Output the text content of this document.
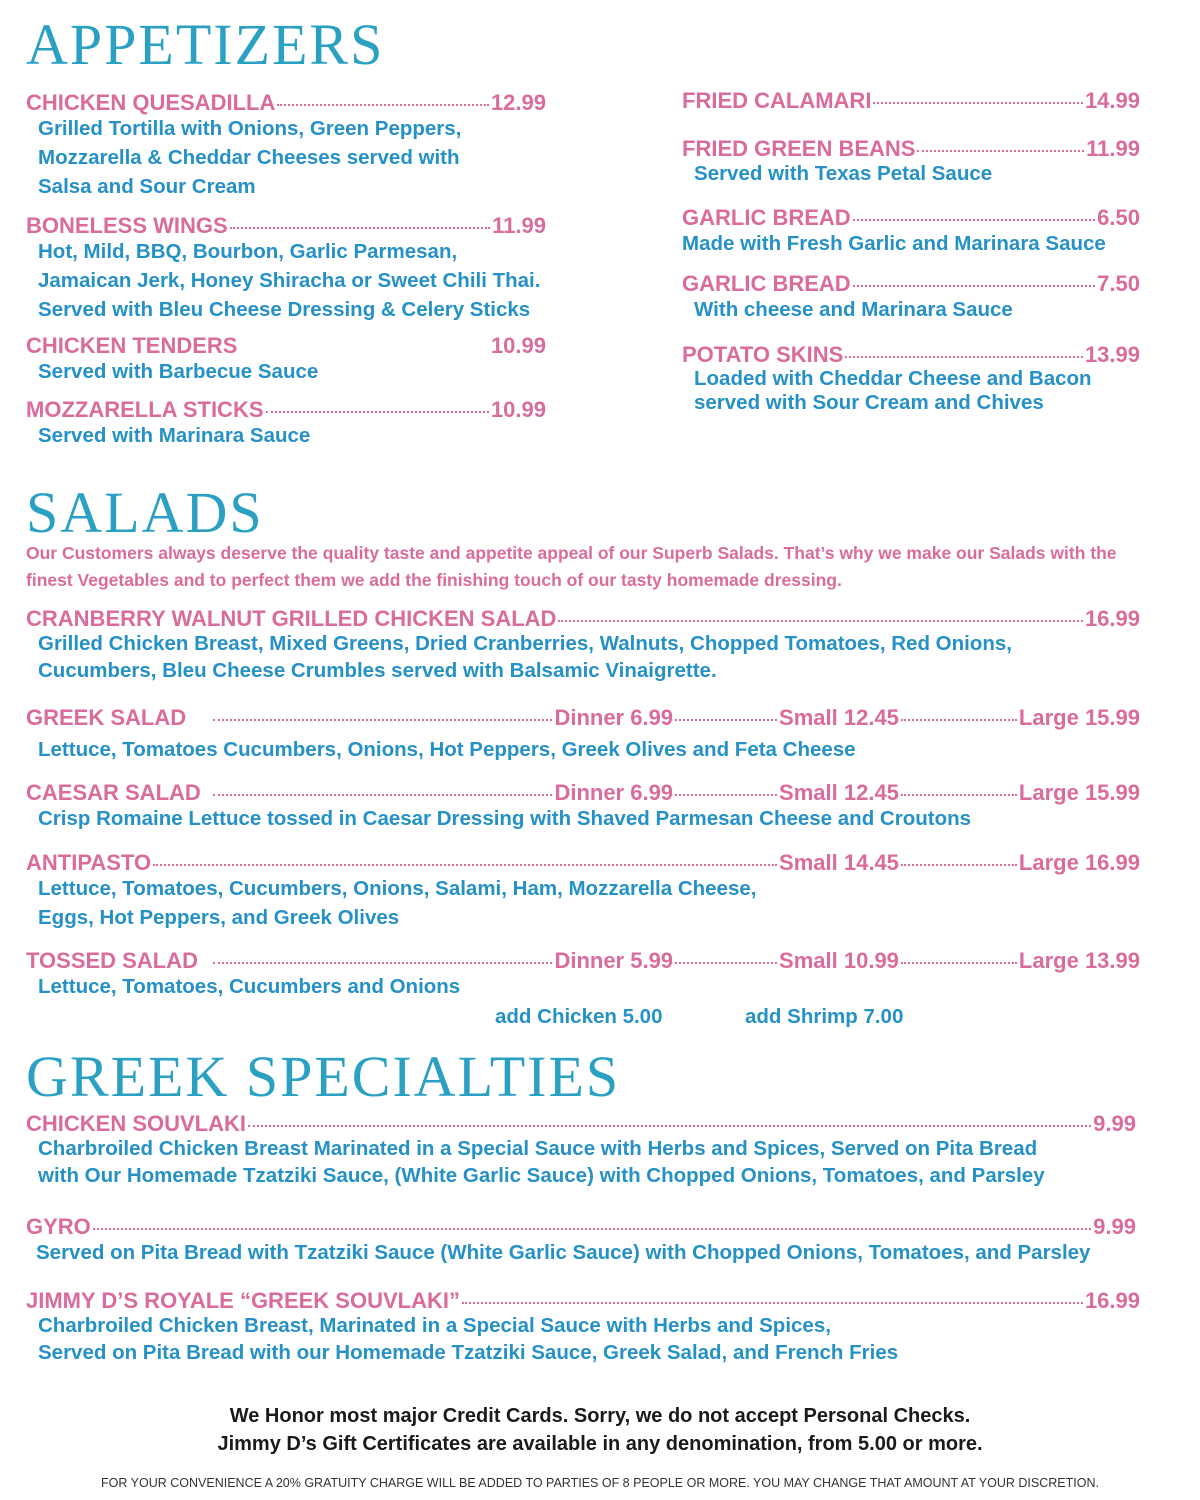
APPETIZERS
CHICKEN QUESADILLA	12.99
Grilled Tortilla with Onions, Green Peppers,
Mozzarella & Cheddar Cheeses served with
Salsa and Sour Cream
BONELESS WINGS	11.99
Hot, Mild, BBQ, Bourbon, Garlic Parmesan,
Jamaican Jerk, Honey Shiracha or Sweet Chili Thai.
Served with Bleu Cheese Dressing & Celery Sticks
CHICKEN TENDERS	10.99
Served with Barbecue Sauce
MOZZARELLA STICKS	10.99
Served with Marinara Sauce
FRIED CALAMARI	14.99
FRIED GREEN BEANS	11.99
Served with Texas Petal Sauce
GARLIC BREAD	6.50
Made with Fresh Garlic and Marinara Sauce
GARLIC BREAD	7.50
With cheese and Marinara Sauce
POTATO SKINS	13.99
Loaded with Cheddar Cheese and Bacon
served with Sour Cream and Chives
SALADS
Our Customers always deserve the quality taste and appetite appeal of our Superb Salads. That’s why we make our Salads with the finest Vegetables and to perfect them we add the finishing touch of our tasty homemade dressing.
CRANBERRY WALNUT GRILLED CHICKEN SALAD	16.99
Grilled Chicken Breast, Mixed Greens, Dried Cranberries, Walnuts, Chopped Tomatoes, Red Onions,
Cucumbers, Bleu Cheese Crumbles served with Balsamic Vinaigrette.
GREEK SALAD	Dinner 6.99	Small 12.45	Large 15.99
Lettuce, Tomatoes Cucumbers, Onions, Hot Peppers, Greek Olives and Feta Cheese
CAESAR SALAD	Dinner 6.99	Small 12.45	Large 15.99
Crisp Romaine Lettuce tossed in Caesar Dressing with Shaved Parmesan Cheese and Croutons
ANTIPASTO	Small 14.45	Large 16.99
Lettuce, Tomatoes, Cucumbers, Onions, Salami, Ham, Mozzarella Cheese,
Eggs, Hot Peppers, and Greek Olives
TOSSED SALAD	Dinner 5.99	Small 10.99	Large 13.99
Lettuce, Tomatoes, Cucumbers and Onions
add Chicken 5.00	add Shrimp 7.00
GREEK SPECIALTIES
CHICKEN SOUVLAKI	9.99
Charbroiled Chicken Breast Marinated in a Special Sauce with Herbs and Spices, Served on Pita Bread
with Our Homemade Tzatziki Sauce, (White Garlic Sauce) with Chopped Onions, Tomatoes, and Parsley
GYRO	9.99
Served on Pita Bread with Tzatziki Sauce (White Garlic Sauce) with Chopped Onions, Tomatoes, and Parsley
JIMMY D’S ROYALE “GREEK SOUVLAKI”	16.99
Charbroiled Chicken Breast, Marinated in a Special Sauce with Herbs and Spices,
Served on Pita Bread with our Homemade Tzatziki Sauce, Greek Salad, and French Fries
We Honor most major Credit Cards. Sorry, we do not accept Personal Checks.
Jimmy D’s Gift Certificates are available in any denomination, from 5.00 or more.
FOR YOUR CONVENIENCE A 20% GRATUITY CHARGE WILL BE ADDED TO PARTIES OF 8 PEOPLE OR MORE. YOU MAY CHANGE THAT AMOUNT AT YOUR DISCRETION.
